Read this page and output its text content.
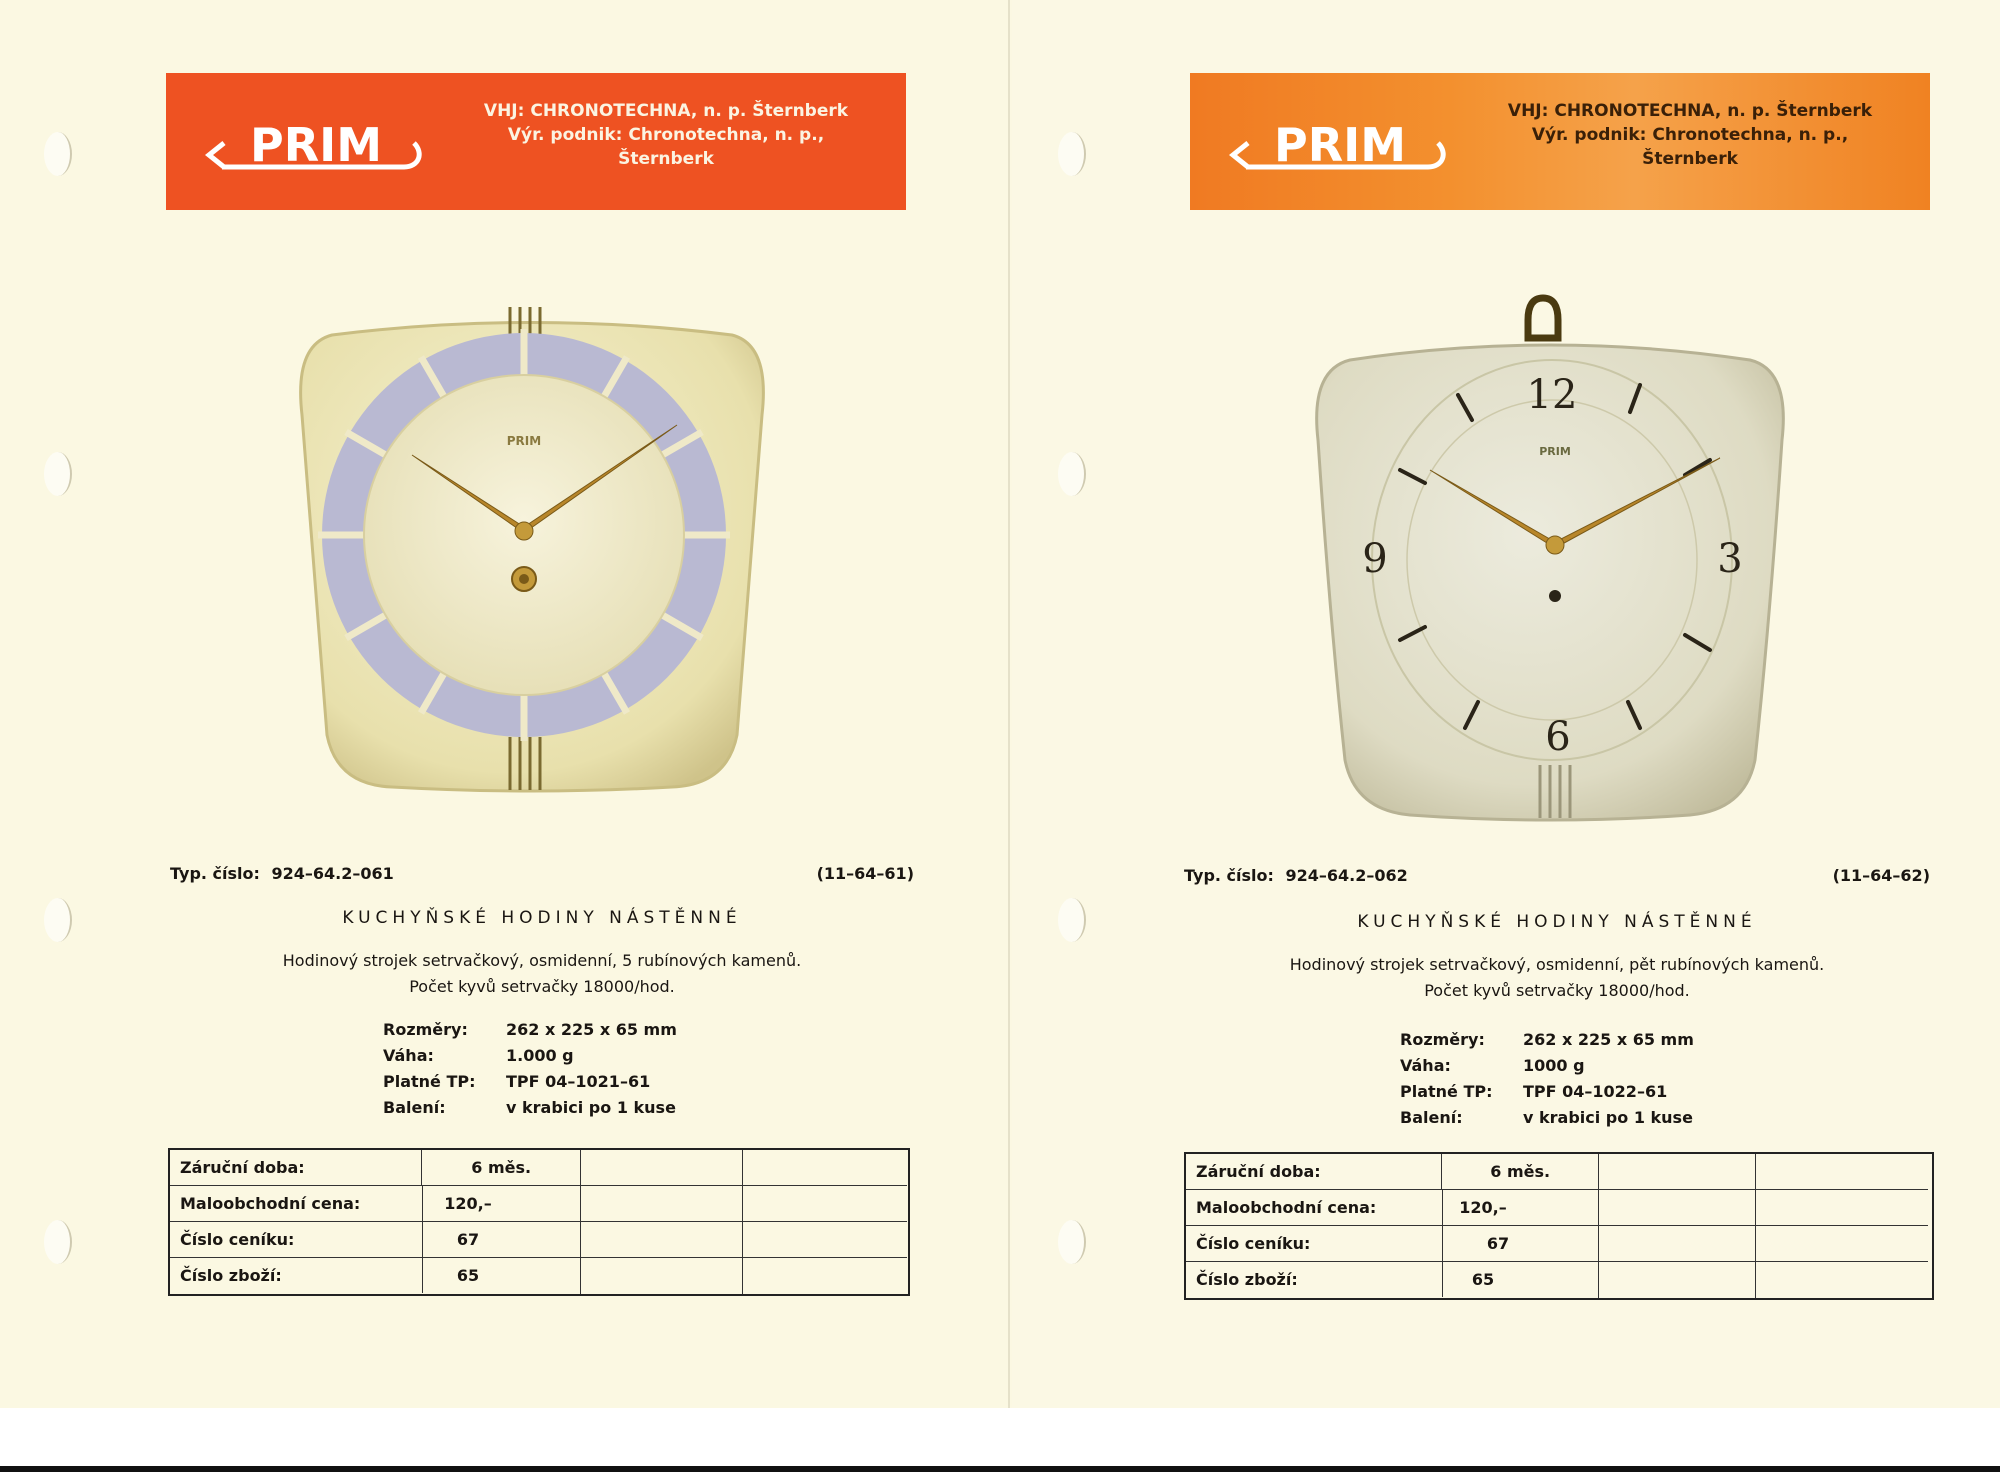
PRIM
VHJ: CHRONOTECHNA, n. p. Šternberk
Výr. podnik: Chronotechna, n. p.,
Šternberk
PRIM
Typ. číslo: 924–64.2–061	(11–64–61)
KUCHYŇSKÉ HODINY NÁSTĚNNÉ
Hodinový strojek setrvačkový, osmidenní, 5 rubínových kamenů.
Počet kyvů setrvačky 18000/hod.
Rozměry:	262 x 225 x 65 mm
Váha:	1.000 g
Platné TP:	TPF 04–1021–61
Balení:	v krabici po 1 kuse
Záruční doba:	6 měs.
Maloobchodní cena:	120,–
Číslo ceníku:	67
Číslo zboží:	65
PRIM
VHJ: CHRONOTECHNA, n. p. Šternberk
Výr. podnik: Chronotechna, n. p.,
Šternberk
12
3
6
9
PRIM
Typ. číslo: 924–64.2–062	(11–64–62)
KUCHYŇSKÉ HODINY NÁSTĚNNÉ
Hodinový strojek setrvačkový, osmidenní, pět rubínových kamenů.
Počet kyvů setrvačky 18000/hod.
Rozměry:	262 x 225 x 65 mm
Váha:	1000 g
Platné TP:	TPF 04–1022–61
Balení:	v krabici po 1 kuse
Záruční doba:	6 měs.
Maloobchodní cena:	120,–
Číslo ceníku:	67
Číslo zboží:	65
